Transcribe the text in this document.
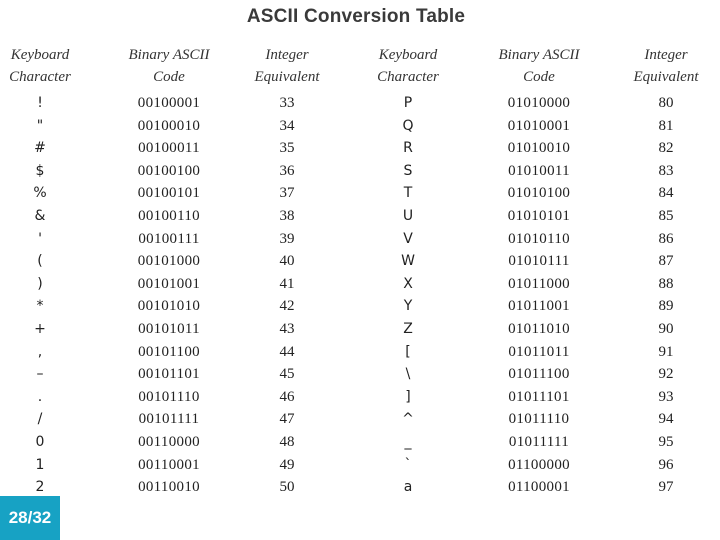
ASCII Conversion Table
Keyboard
Character
Binary ASCII
Code
Integer
Equivalent
Keyboard
Character
Binary ASCII
Code
Integer
Equivalent
!
"
#
$
%
&
'
(
)
*
+
,
–
.
/
0
1
2
00100001
00100010
00100011
00100100
00100101
00100110
00100111
00101000
00101001
00101010
00101011
00101100
00101101
00101110
00101111
00110000
00110001
00110010
33
34
35
36
37
38
39
40
41
42
43
44
45
46
47
48
49
50
P
Q
R
S
T
U
V
W
X
Y
Z
[
\
]
^
_
`
a
01010000
01010001
01010010
01010011
01010100
01010101
01010110
01010111
01011000
01011001
01011010
01011011
01011100
01011101
01011110
01011111
01100000
01100001
80
81
82
83
84
85
86
87
88
89
90
91
92
93
94
95
96
97
28/32
